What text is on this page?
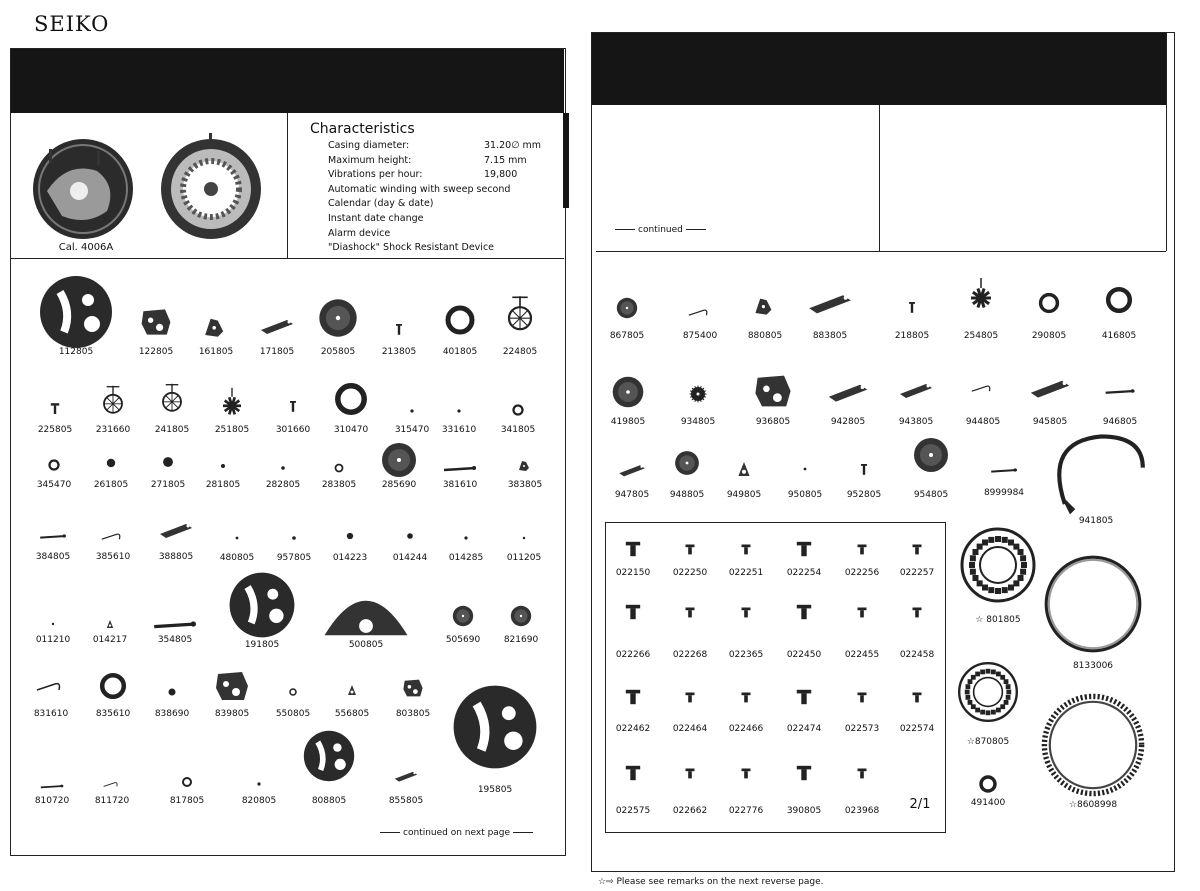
SEIKO
Cal. 4006A
Characteristics
Casing diameter:	31.20∅ mm
Maximum height:	7.15 mm
Vibrations per hour:	19,800
Automatic winding with sweep second
Calendar (day & date)
Instant date change
Alarm device
"Diashock" Shock Resistant Device
112805	122805	161805	171805	205805	213805	401805	224805
225805	231660	241805	251805	301660	310470	315470 331610	341805
345470	261805	271805 281805	282805 283805	285690	381610	383805
384805	385610	388805	480805	957805 014223	014244 014285	011205
011210	014217	354805	191805	500805	505690	821690
831610	835610	838690	839805	550805	556805	803805
810720	811720	817805	820805	808805	855805
195805
continued on next page
continued
867805	875400	880805	883805	218805	254805	290805	416805
419805	934805	936805	942805	943805	944805	945805	946805
947805 948805	949805	950805	952805	954805	8999984
941805
☆ 801805
8133006
☆870805
491400	☆8608998
022150	022250 022251	022254	022256 022257
022266	022268 022365	022450	022455 022458
022462	022464 022466	022474	022573 022574
022575	022662 022776	390805	023968 2/1
☆⇨ Please see remarks on the next reverse page.
